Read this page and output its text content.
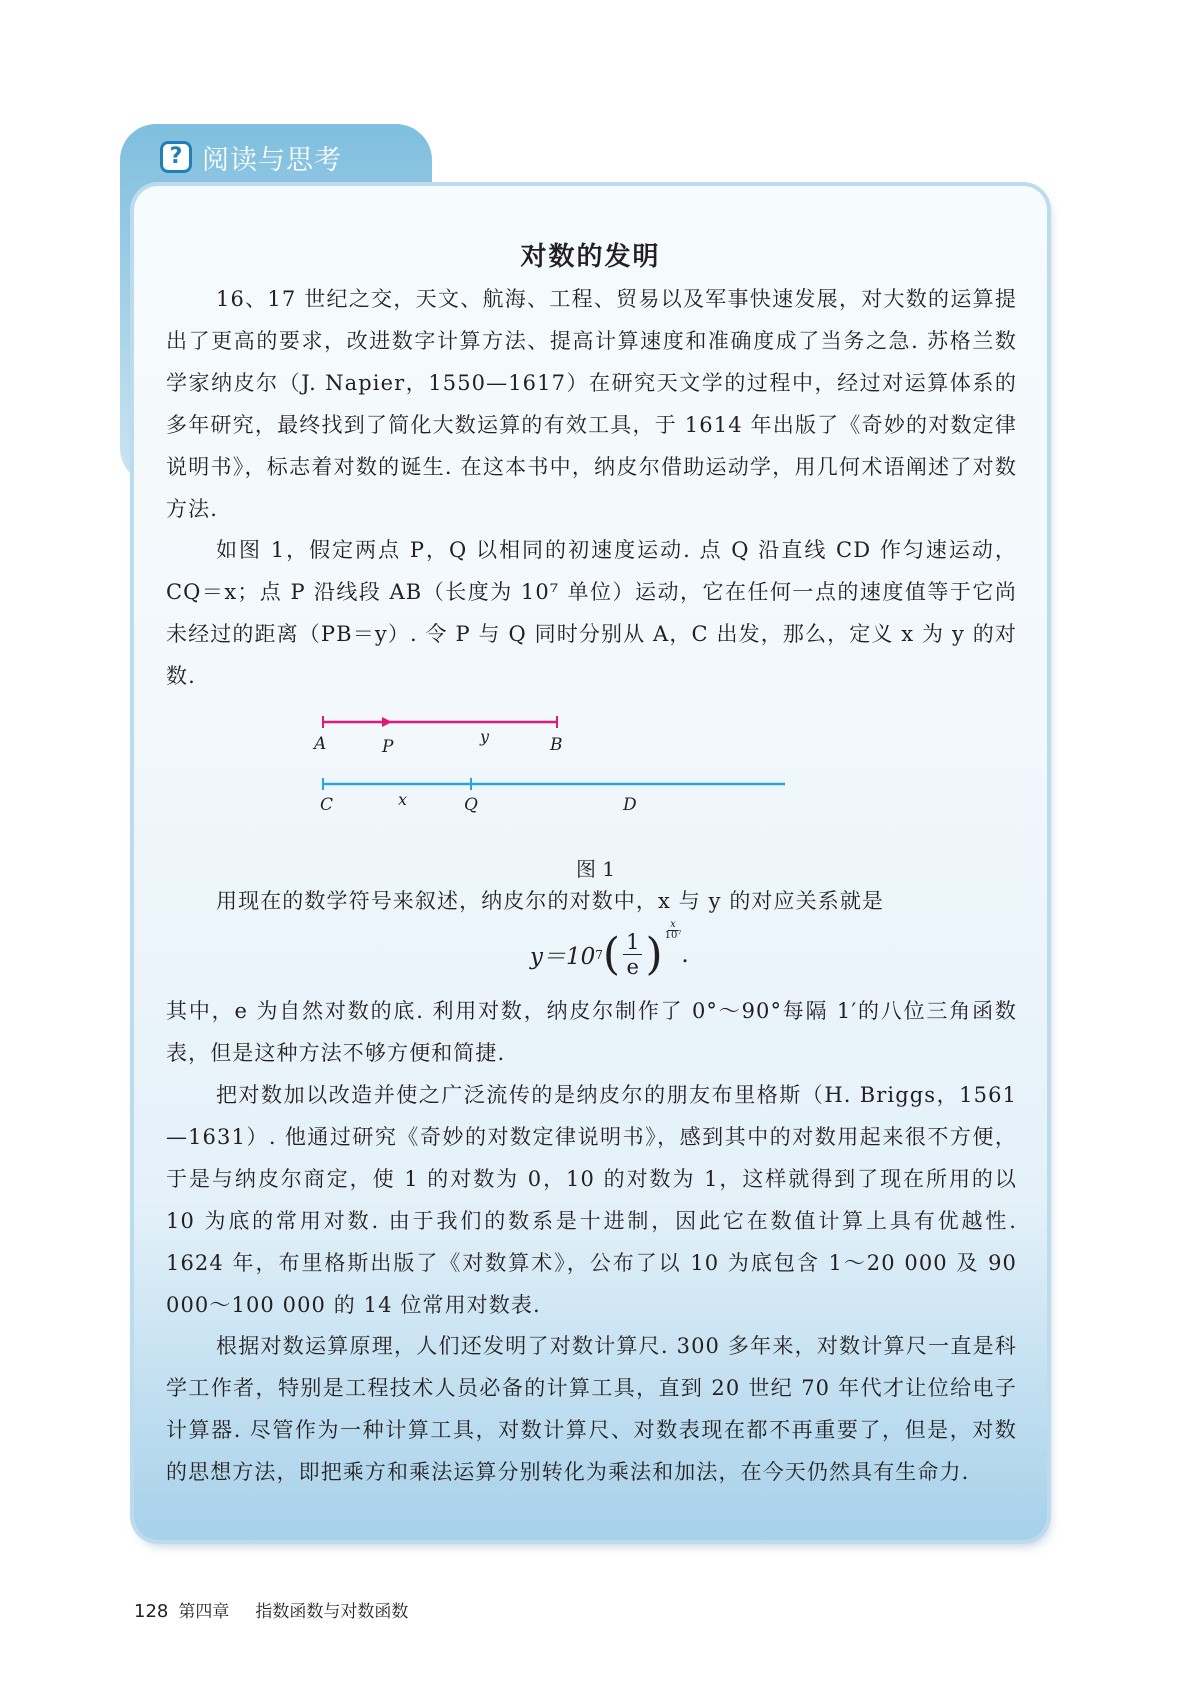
?
阅读与思考
对数的发明

16、17 世纪之交，天文、航海、工程、贸易以及军事快速发展，对大数的运算提出了更高的要求，改进数字计算方法、提高计算速度和准确度成了当务之急. 苏格兰数学家纳皮尔（J. Napier，1550—1617）在研究天文学的过程中，经过对运算体系的多年研究，最终找到了简化大数运算的有效工具，于 1614 年出版了《奇妙的对数定律说明书》，标志着对数的诞生. 在这本书中，纳皮尔借助运动学，用几何术语阐述了对数方法.

如图 1，假定两点 P，Q 以相同的初速度运动. 点 Q 沿直线 CD 作匀速运动，CQ＝x；点 P 沿线段 AB（长度为 10⁷ 单位）运动，它在任何一点的速度值等于它尚未经过的距离（PB＝y）. 令 P 与 Q 同时分别从 A，C 出发，那么，定义 x 为 y 的对数.

A	P
y	B
C	x	Q	D
图 1

用现在的数学符号来叙述，纳皮尔的对数中，x 与 y 的对应关系就是

y＝10 7 ( $\frac{1}{e}$ ) $\frac{x}{\text{10⁷}}$
.

其中，e 为自然对数的底. 利用对数，纳皮尔制作了 0°～90°每隔 1′的八位三角函数表，但是这种方法不够方便和简捷.

把对数加以改造并使之广泛流传的是纳皮尔的朋友布里格斯（H. Briggs，1561—1631）. 他通过研究《奇妙的对数定律说明书》，感到其中的对数用起来很不方便，于是与纳皮尔商定，使 1 的对数为 0，10 的对数为 1，这样就得到了现在所用的以 10 为底的常用对数. 由于我们的数系是十进制，因此它在数值计算上具有优越性. 1624 年，布里格斯出版了《对数算术》，公布了以 10 为底包含 1～20 000 及 90 000～100 000 的 14 位常用对数表.

根据对数运算原理，人们还发明了对数计算尺. 300 多年来，对数计算尺一直是科学工作者，特别是工程技术人员必备的计算工具，直到 20 世纪 70 年代才让位给电子计算器. 尽管作为一种计算工具，对数计算尺、对数表现在都不再重要了，但是，对数的思想方法，即把乘方和乘法运算分别转化为乘法和加法，在今天仍然具有生命力.

128 第四章 指数函数与对数函数
